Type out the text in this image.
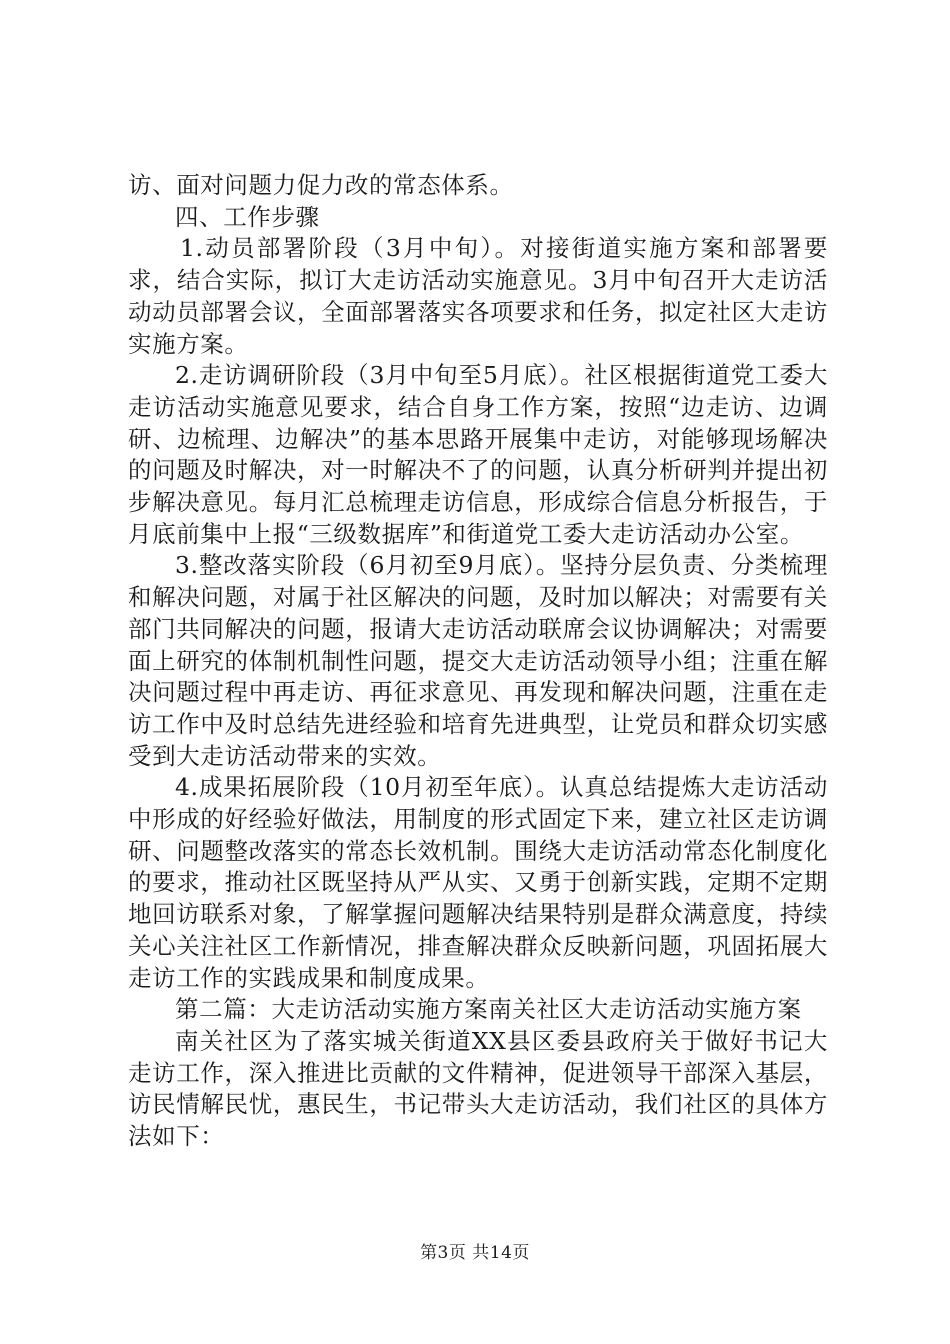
访、面对问题力促力改的常态体系。

四、工作步骤

1.动员部署阶段（3月中旬）。对接街道实施方案和部署要求，结合实际，拟订大走访活动实施意见。3月中旬召开大走访活动动员部署会议，全面部署落实各项要求和任务，拟定社区大走访实施方案。

2.走访调研阶段（3月中旬至5月底）。社区根据街道党工委大走访活动实施意见要求，结合自身工作方案，按照“边走访、边调研、边梳理、边解决”的基本思路开展集中走访，对能够现场解决的问题及时解决，对一时解决不了的问题，认真分析研判并提出初步解决意见。每月汇总梳理走访信息，形成综合信息分析报告，于月底前集中上报“三级数据库”和街道党工委大走访活动办公室。

3.整改落实阶段（6月初至9月底）。坚持分层负责、分类梳理和解决问题，对属于社区解决的问题，及时加以解决；对需要有关部门共同解决的问题，报请大走访活动联席会议协调解决；对需要面上研究的体制机制性问题，提交大走访活动领导小组；注重在解决问题过程中再走访、再征求意见、再发现和解决问题，注重在走访工作中及时总结先进经验和培育先进典型，让党员和群众切实感受到大走访活动带来的实效。

4.成果拓展阶段（10月初至年底）。认真总结提炼大走访活动中形成的好经验好做法，用制度的形式固定下来，建立社区走访调研、问题整改落实的常态长效机制。围绕大走访活动常态化制度化的要求，推动社区既坚持从严从实、又勇于创新实践，定期不定期地回访联系对象，了解掌握问题解决结果特别是群众满意度，持续关心关注社区工作新情况，排查解决群众反映新问题，巩固拓展大走访工作的实践成果和制度成果。

第二篇：大走访活动实施方案南关社区大走访活动实施方案

南关社区为了落实城关街道XX县区委县政府关于做好书记大走访工作，深入推进比贡献的文件精神，促进领导干部深入基层，访民情解民忧，惠民生，书记带头大走访活动，我们社区的具体方法如下：

第3页 共14页
